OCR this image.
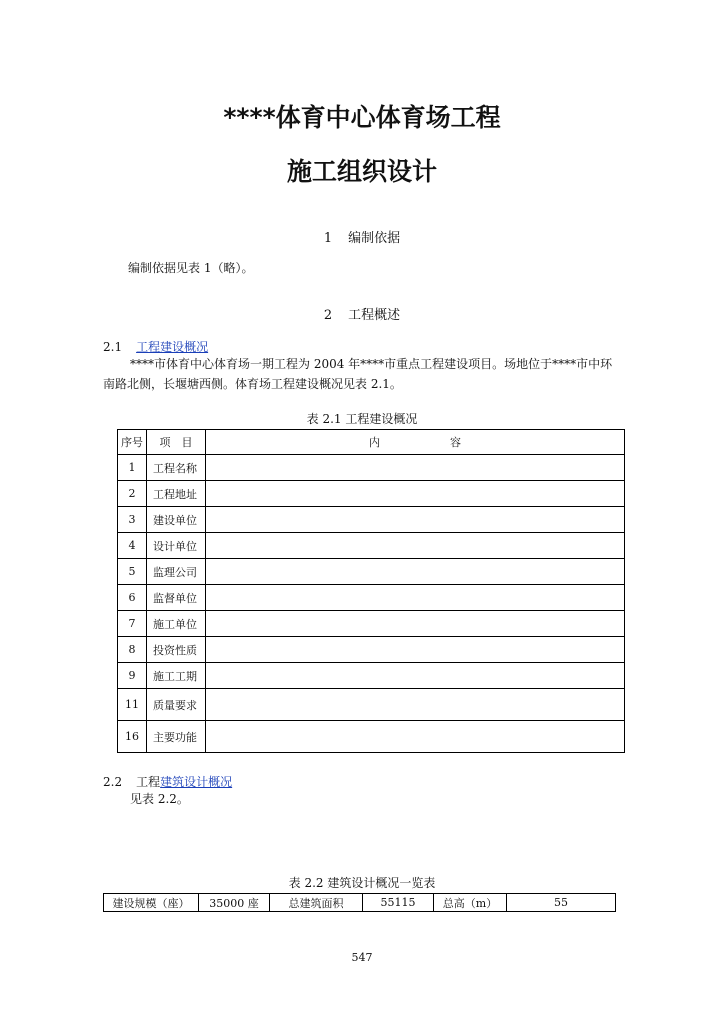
****体育中心体育场工程
施工组织设计
1 编制依据
编制依据见表 1（略）。
2 工程概述
2.1 工程建设概况
****市体育中心体育场一期工程为 2004 年****市重点工程建设项目。场地位于****市中环
南路北侧，长堰塘西侧。体育场工程建设概况见表 2.1。
表 2.1 工程建设概况
序号	项　目	内 容
1	工程名称	
2	工程地址	
3	建设单位	
4	设计单位	
5	监理公司	
6	监督单位	
7	施工单位	
8	投资性质	
9	施工工期	
11	质量要求	
16	主要功能	
2.2 工程建筑设计概况
见表 2.2。
表 2.2 建筑设计概况一览表
建设规模（座）	35000 座	总建筑面积	55115	总高（m）	55
547
